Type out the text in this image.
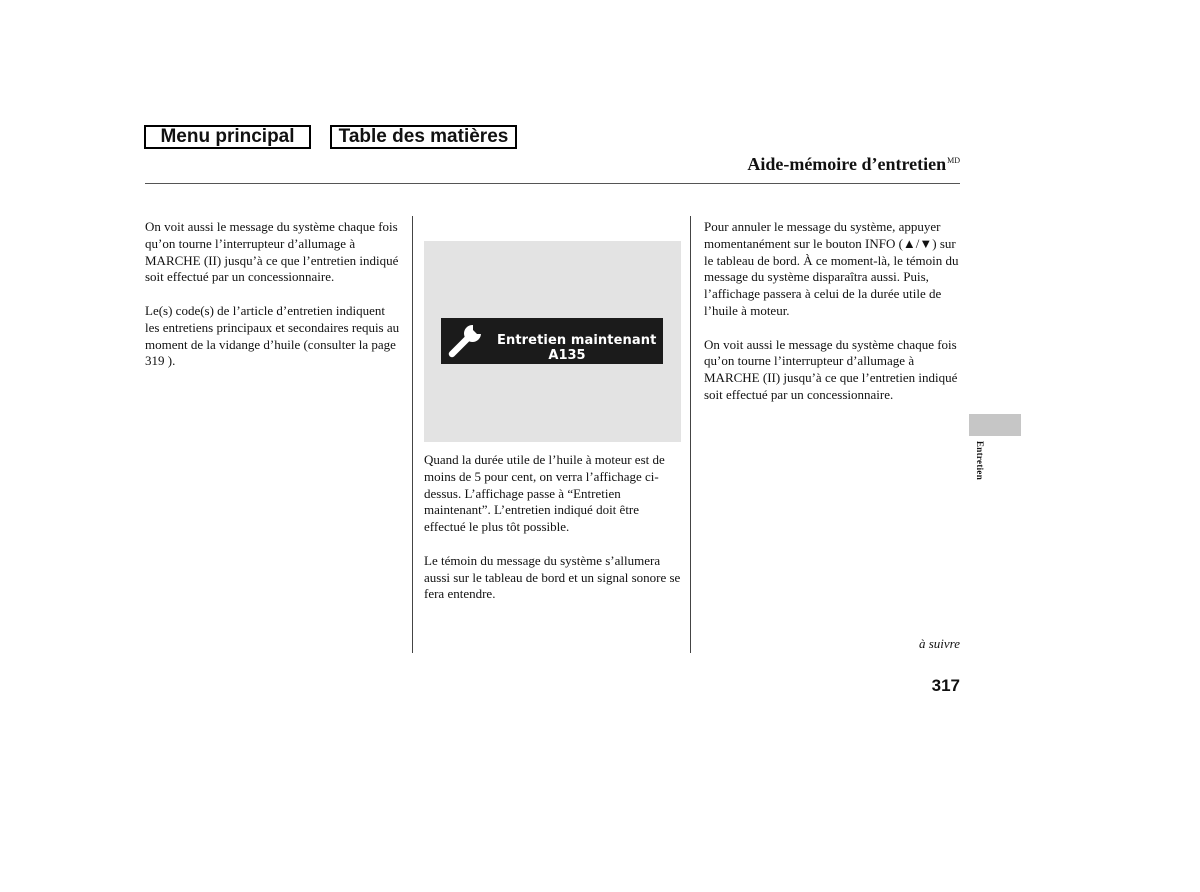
Menu principal	Table des matières
Aide-mémoire d’entretien$^{MD}$

On voit aussi le message du système chaque fois qu’on tourne l’interrupteur d’allumage à MARCHE (II) jusqu’à ce que l’entretien indiqué soit effectué par un concessionnaire.

Le(s) code(s) de l’article d’entretien indiquent les entretiens principaux et secondaires requis au moment de la vidange d’huile (consulter la page 319 ).

Entretien maintenant
A135

Quand la durée utile de l’huile à moteur est de moins de 5 pour cent, on verra l’affichage ci-dessus. L’affichage passe à “Entretien maintenant”. L’entretien indiqué doit être effectué le plus tôt possible.

Le témoin du message du système s’allumera aussi sur le tableau de bord et un signal sonore se fera entendre.

Pour annuler le message du système, appuyer momentanément sur le bouton INFO (▲/▼) sur le tableau de bord. À ce moment-là, le témoin du message du système disparaîtra aussi. Puis, l’affichage passera à celui de la durée utile de l’huile à moteur.

On voit aussi le message du système chaque fois qu’on tourne l’interrupteur d’allumage à MARCHE (II) jusqu’à ce que l’entretien indiqué soit effectué par un concessionnaire.

Entretien
à suivre
317
